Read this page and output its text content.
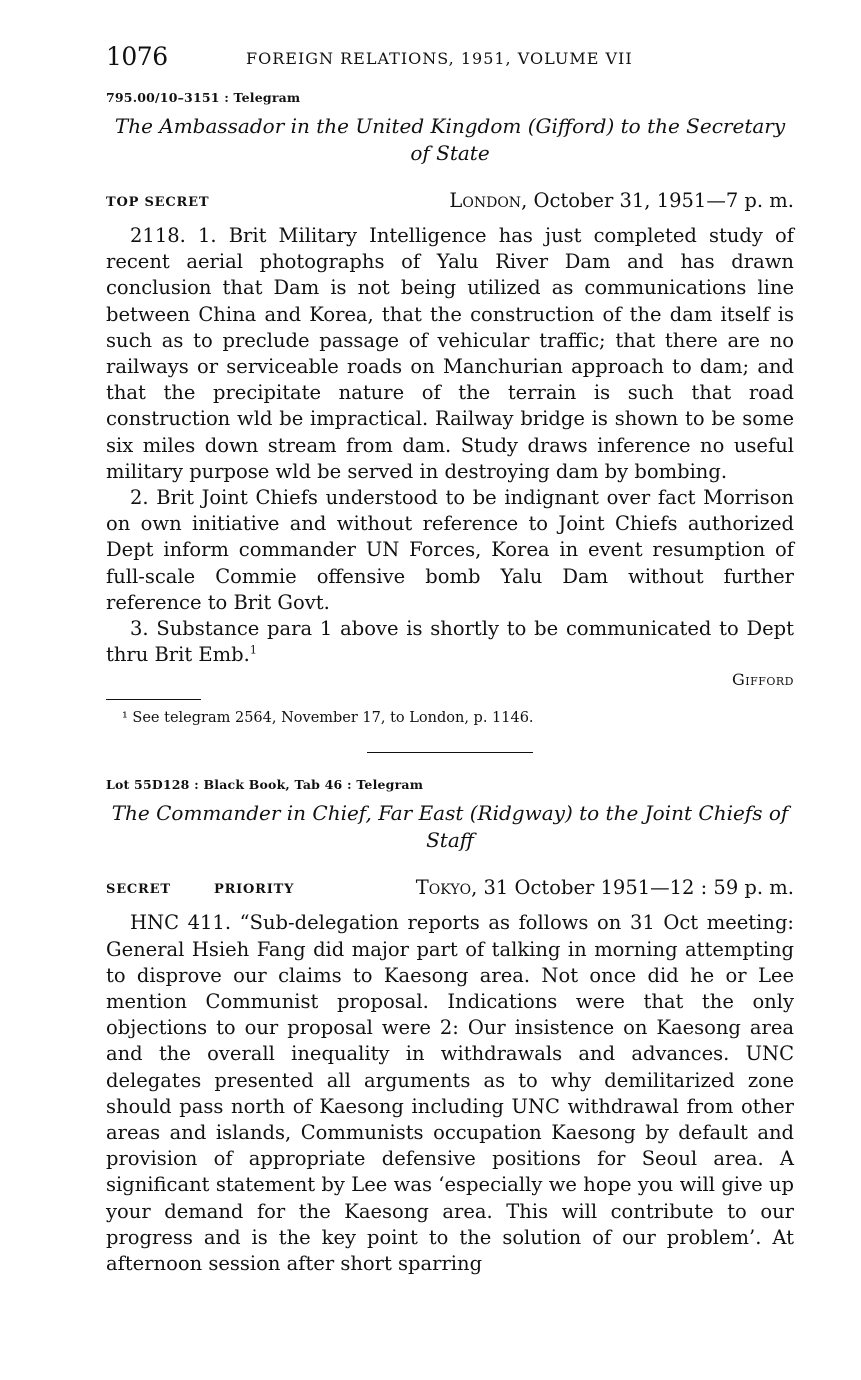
1076	FOREIGN RELATIONS, 1951, VOLUME VII
795.00/10–3151 : Telegram
The Ambassador in the United Kingdom (Gifford) to the Secretary of State
TOP SECRET	London, October 31, 1951—7 p. m.

2118. 1. Brit Military Intelligence has just completed study of recent aerial photographs of Yalu River Dam and has drawn conclusion that Dam is not being utilized as communications line between China and Korea, that the construction of the dam itself is such as to preclude passage of vehicular traffic; that there are no railways or serviceable roads on Manchurian approach to dam; and that the precipitate nature of the terrain is such that road construction wld be impractical. Railway bridge is shown to be some six miles down stream from dam. Study draws inference no useful military purpose wld be served in destroying dam by bombing.

2. Brit Joint Chiefs understood to be indignant over fact Morrison on own initiative and without reference to Joint Chiefs authorized Dept inform commander UN Forces, Korea in event resumption of full-scale Commie offensive bomb Yalu Dam without further reference to Brit Govt.

3. Substance para 1 above is shortly to be communicated to Dept thru Brit Emb.$^1$

Gifford
¹ See telegram 2564, November 17, to London, p. 1146.
Lot 55D128 : Black Book, Tab 46 : Telegram
The Commander in Chief, Far East (Ridgway) to the Joint Chiefs of Staff
SECRET	PRIORITY	Tokyo, 31 October 1951—12 : 59 p. m.

HNC 411. “Sub-delegation reports as follows on 31 Oct meeting: General Hsieh Fang did major part of talking in morning attempting to disprove our claims to Kaesong area. Not once did he or Lee mention Communist proposal. Indications were that the only objections to our proposal were 2: Our insistence on Kaesong area and the overall inequality in withdrawals and advances. UNC delegates presented all arguments as to why demilitarized zone should pass north of Kaesong including UNC withdrawal from other areas and islands, Communists occupation Kaesong by default and provision of appropriate defensive positions for Seoul area. A significant statement by Lee was ‘especially we hope you will give up your demand for the Kaesong area. This will contribute to our progress and is the key point to the solution of our problem’. At afternoon session after short sparring
